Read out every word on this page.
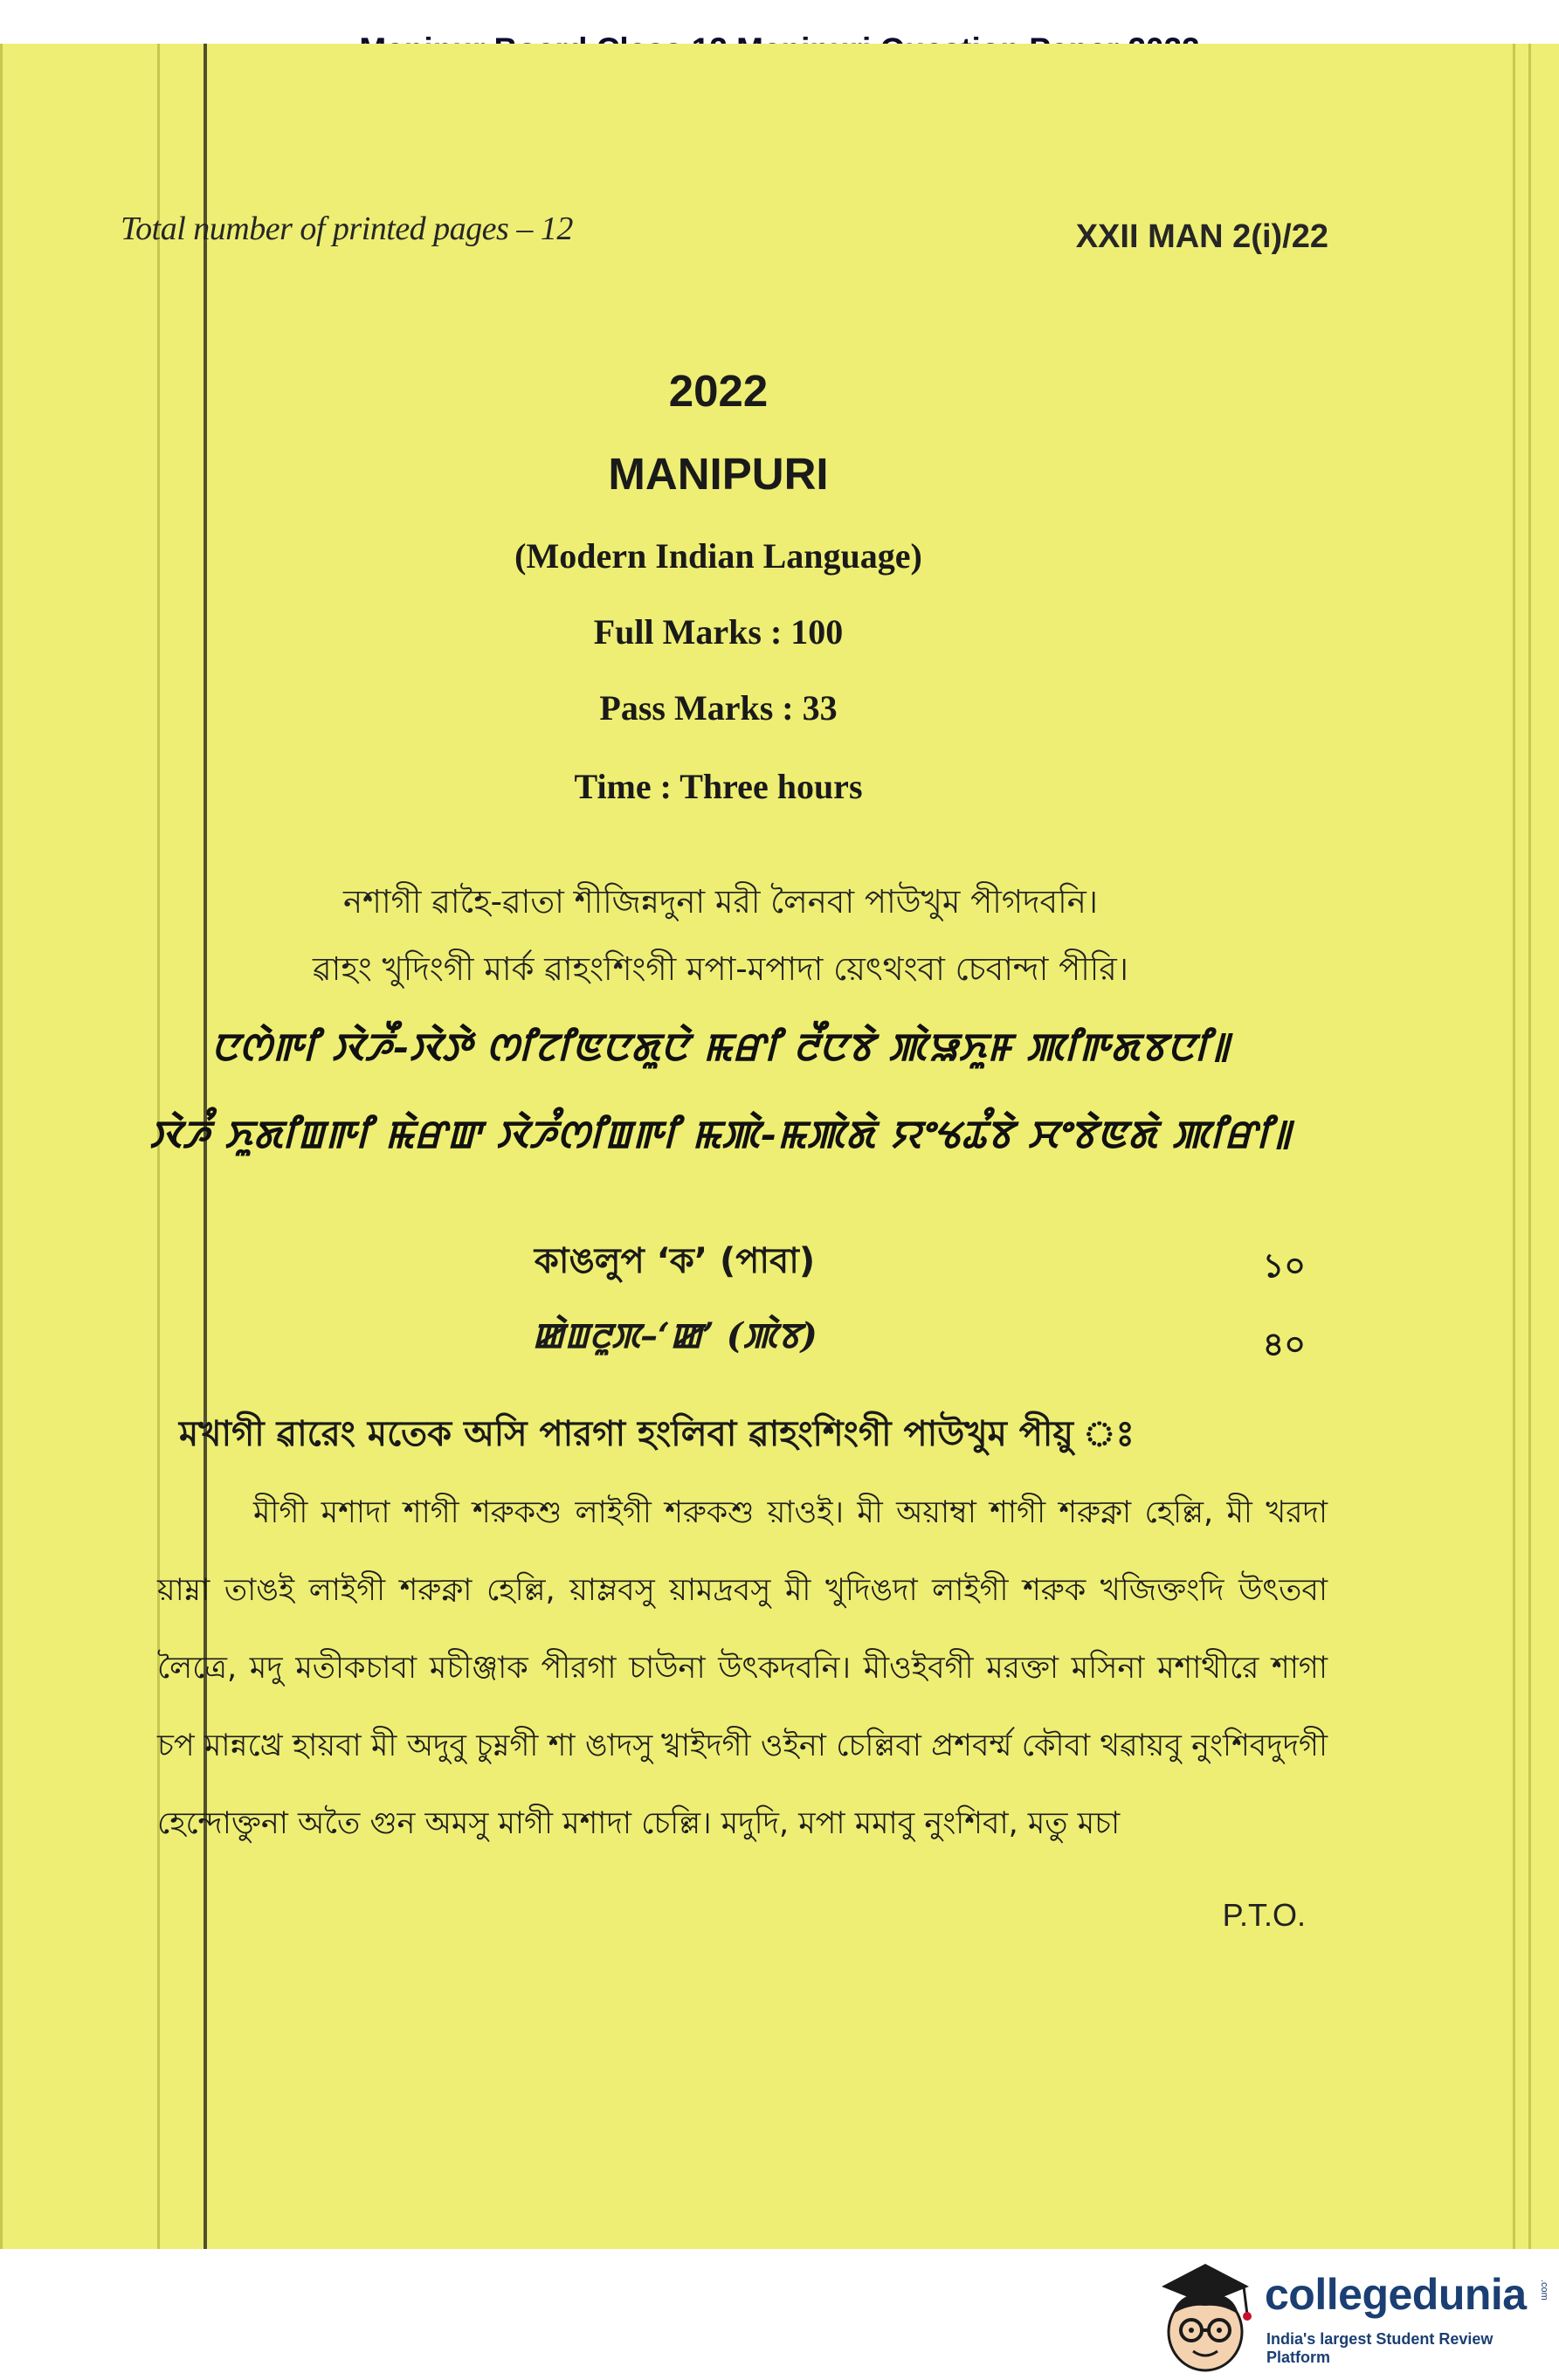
Total number of printed pages – 12	XXII MAN 2(i)/22
2022
MANIPURI
(Modern Indian Language)
Full Marks : 100
Pass Marks : 33
Time : Three hours
নশাগী ৱাহৈ-ৱাতা শীজিন্নদুনা মরী লৈনবা পাউখুম পীগদবনি।
ৱাহং খুদিংগী মার্ক ৱাহংশিংগী মপা-মপাদা য়েৎথংবা চেবান্দা পীরি।
ꯅꯁꯥꯒꯤ ꯋꯥꯍꯩ-ꯋꯥꯇꯥ ꯁꯤꯖꯤꯟꯅꯗꯨꯅꯥ ꯃꯔꯤ ꯂꯩꯅꯕꯥ ꯄꯥꯎꯈꯨꯝ ꯄꯤꯒꯗꯕꯅꯤ꯫
ꯋꯥꯍꯪ ꯈꯨꯗꯤꯡꯒꯤ ꯃꯥꯔꯛ ꯋꯥꯍꯪꯁꯤꯡꯒꯤ ꯃꯄꯥ-ꯃꯄꯥꯗꯥ ꯌꯦꯠꯊꯪꯕꯥ ꯆꯦꯕꯥꯟꯗꯥ ꯄꯤꯔꯤ꯫
কাঙলুপ ‘ক’ (পাবা)	১০
ꯀꯥꯡꯂꯨꯞ–‘ꯀ’ (ꯄꯥꯕ)	৪০
মখাগী ৱারেং মতেক অসি পারগা হংলিবা ৱাহংশিংগী পাউখুম পীয়ু ঃ
মীগী মশাদা শাগী শরুকশু লাইগী শরুকশু য়াওই। মী অয়াম্বা শাগী শরুক্না হেল্লি, মী খরদা য়াম্না তাঙই লাইগী শরুক্না হেল্লি, য়াম্লবসু য়ামদ্রবসু মী খুদিঙদা লাইগী শরুক খজিক্তংদি উৎতবা লৈত্রে, মদু মতীকচাবা মচীঞ্জাক পীরগা চাউনা উৎকদবনি। মীওইবগী মরক্তা মসিনা মশাথীরে শাগা চপ মান্নখ্রে হায়বা মী অদুবু চুম্নগী শা ঙাদসু খ্বাইদগী ওইনা চেল্লিবা প্রশবর্ম্ম কৌবা থৱায়বু নুংশিবদুদগী হেন্দোক্তুনা অতৈ গুন অমসু মাগী মশাদা চেল্লি। মদুদি, মপা মমাবু নুংশিবা, মতু মচা
P.T.O.
collegedunia .com
India's largest Student Review Platform
